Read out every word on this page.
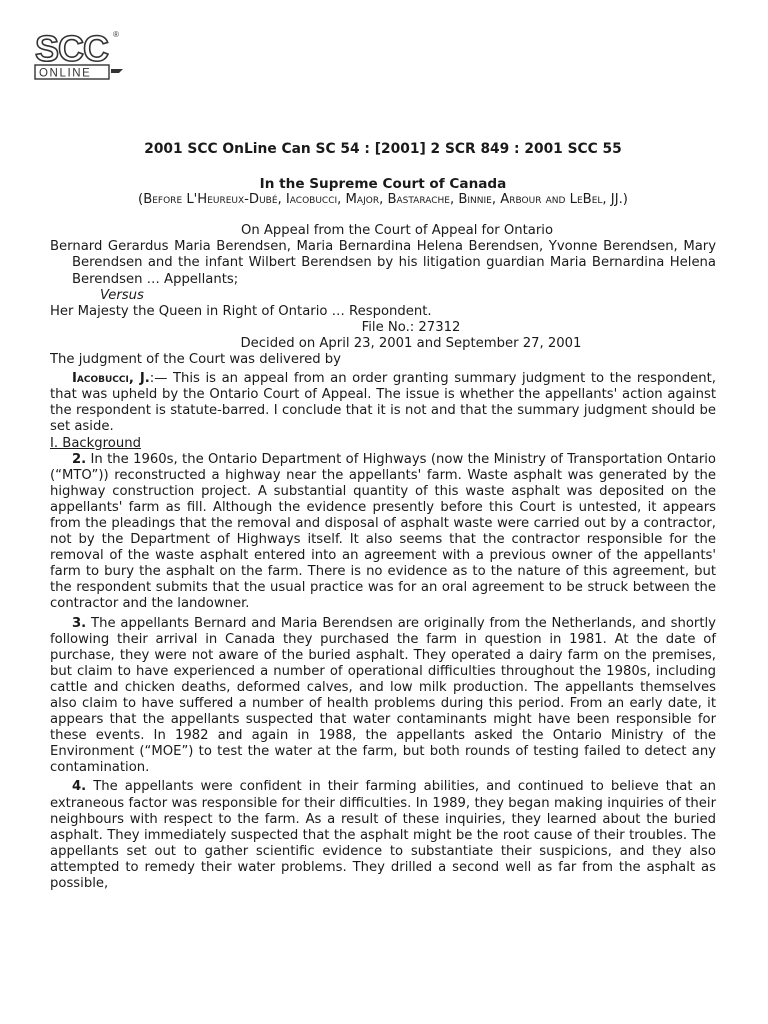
SCC ®
ONLINE

2001 SCC OnLine Can SC 54 : [2001] 2 SCR 849 : 2001 SCC 55

In the Supreme Court of Canada

(Before L'Heureux-Dubé, Iacobucci, Major, Bastarache, Binnie, Arbour and LeBel, JJ.)

On Appeal from the Court of Appeal for Ontario

Bernard Gerardus Maria Berendsen, Maria Bernardina Helena Berendsen, Yvonne Berendsen, Mary Berendsen and the infant Wilbert Berendsen by his litigation guardian Maria Bernardina Helena Berendsen … Appellants;

Versus

Her Majesty the Queen in Right of Ontario … Respondent.

File No.: 27312

Decided on April 23, 2001 and September 27, 2001

The judgment of the Court was delivered by

Iacobucci, J.:— This is an appeal from an order granting summary judgment to the respondent, that was upheld by the Ontario Court of Appeal. The issue is whether the appellants' action against the respondent is statute-barred. I conclude that it is not and that the summary judgment should be set aside.

I. Background

2. In the 1960s, the Ontario Department of Highways (now the Ministry of Transportation Ontario (“MTO”)) reconstructed a highway near the appellants' farm. Waste asphalt was generated by the highway construction project. A substantial quantity of this waste asphalt was deposited on the appellants' farm as fill. Although the evidence presently before this Court is untested, it appears from the pleadings that the removal and disposal of asphalt waste were carried out by a contractor, not by the Department of Highways itself. It also seems that the contractor responsible for the removal of the waste asphalt entered into an agreement with a previous owner of the appellants' farm to bury the asphalt on the farm. There is no evidence as to the nature of this agreement, but the respondent submits that the usual practice was for an oral agreement to be struck between the contractor and the landowner.

3. The appellants Bernard and Maria Berendsen are originally from the Netherlands, and shortly following their arrival in Canada they purchased the farm in question in 1981. At the date of purchase, they were not aware of the buried asphalt. They operated a dairy farm on the premises, but claim to have experienced a number of operational difficulties throughout the 1980s, including cattle and chicken deaths, deformed calves, and low milk production. The appellants themselves also claim to have suffered a number of health problems during this period. From an early date, it appears that the appellants suspected that water contaminants might have been responsible for these events. In 1982 and again in 1988, the appellants asked the Ontario Ministry of the Environment (“MOE”) to test the water at the farm, but both rounds of testing failed to detect any contamination.

4. The appellants were confident in their farming abilities, and continued to believe that an extraneous factor was responsible for their difficulties. In 1989, they began making inquiries of their neighbours with respect to the farm. As a result of these inquiries, they learned about the buried asphalt. They immediately suspected that the asphalt might be the root cause of their troubles. The appellants set out to gather scientific evidence to substantiate their suspicions, and they also attempted to remedy their water problems. They drilled a second well as far from the asphalt as possible,
